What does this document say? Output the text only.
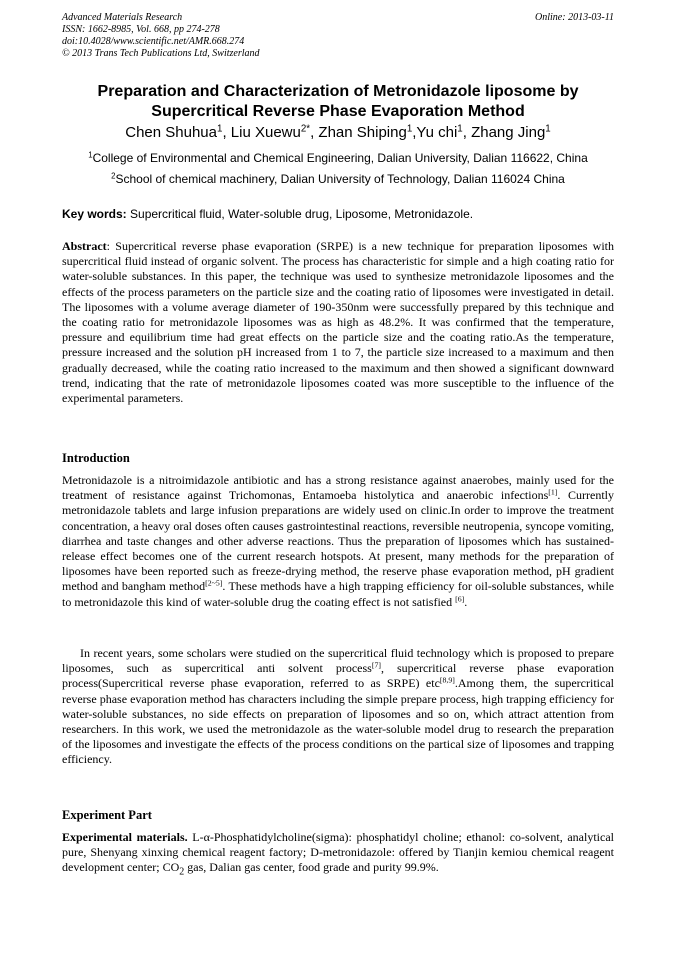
Advanced Materials Research
ISSN: 1662-8985, Vol. 668, pp 274-278
doi:10.4028/www.scientific.net/AMR.668.274
© 2013 Trans Tech Publications Ltd, Switzerland
Online: 2013-03-11
Preparation and Characterization of Metronidazole liposome by
Supercritical Reverse Phase Evaporation Method
Chen Shuhua$^1$, Liu Xuewu$^{2*}$, Zhan Shiping$^1$,Yu chi$^1$, Zhang Jing$^1$
$^1$College of Environmental and Chemical Engineering, Dalian University, Dalian 116622, China
$^2$School of chemical machinery, Dalian University of Technology, Dalian 116024 China
Key words: Supercritical fluid, Water-soluble drug, Liposome, Metronidazole.
Abstract: Supercritical reverse phase evaporation (SRPE) is a new technique for preparation liposomes with supercritical fluid instead of organic solvent. The process has characteristic for simple and a high coating ratio for water-soluble substances. In this paper, the technique was used to synthesize metronidazole liposomes and the effects of the process parameters on the particle size and the coating ratio of liposomes were investigated in detail. The liposomes with a volume average diameter of 190-350nm were successfully prepared by this technique and the coating ratio for metronidazole liposomes was as high as 48.2%. It was confirmed that the temperature, pressure and equilibrium time had great effects on the particle size and the coating ratio.As the temperature, pressure increased and the solution pH increased from 1 to 7, the particle size increased to a maximum and then gradually decreased, while the coating ratio increased to the maximum and then showed a significant downward trend, indicating that the rate of metronidazole liposomes coated was more susceptible to the influence of the experimental parameters.
Introduction
Metronidazole is a nitroimidazole antibiotic and has a strong resistance against anaerobes, mainly used for the treatment of resistance against Trichomonas, Entamoeba histolytica and anaerobic infections[1]. Currently metronidazole tablets and large infusion preparations are widely used on clinic.In order to improve the treatment concentration, a heavy oral doses often causes gastrointestinal reactions, reversible neutropenia, syncope vomiting, diarrhea and taste changes and other adverse reactions. Thus the preparation of liposomes which has sustained-release effect becomes one of the current research hotspots. At present, many methods for the preparation of liposomes have been reported such as freeze-drying method, the reserve phase evaporation method, pH gradient method and bangham method[2~5]. These methods have a high trapping efficiency for oil-soluble substances, while to metronidazole this kind of water-soluble drug the coating effect is not satisfied [6].
In recent years, some scholars were studied on the supercritical fluid technology which is proposed to prepare liposomes, such as supercritical anti solvent process[7], supercritical reverse phase evaporation process(Supercritical reverse phase evaporation, referred to as SRPE) etc[8,9].Among them, the supercritical reverse phase evaporation method has characters including the simple prepare process, high trapping efficiency for water-soluble substances, no side effects on preparation of liposomes and so on, which attract attention from researchers. In this work, we used the metronidazole as the water-soluble model drug to research the preparation of the liposomes and investigate the effects of the process conditions on the partical size of liposomes and trapping efficiency.
Experiment Part
Experimental materials. L-α-Phosphatidylcholine(sigma): phosphatidyl choline; ethanol: co-solvent, analytical pure, Shenyang xinxing chemical reagent factory; D-metronidazole: offered by Tianjin kemiou chemical reagent development center; $CO_2$ gas, Dalian gas center, food grade and purity 99.9%.
